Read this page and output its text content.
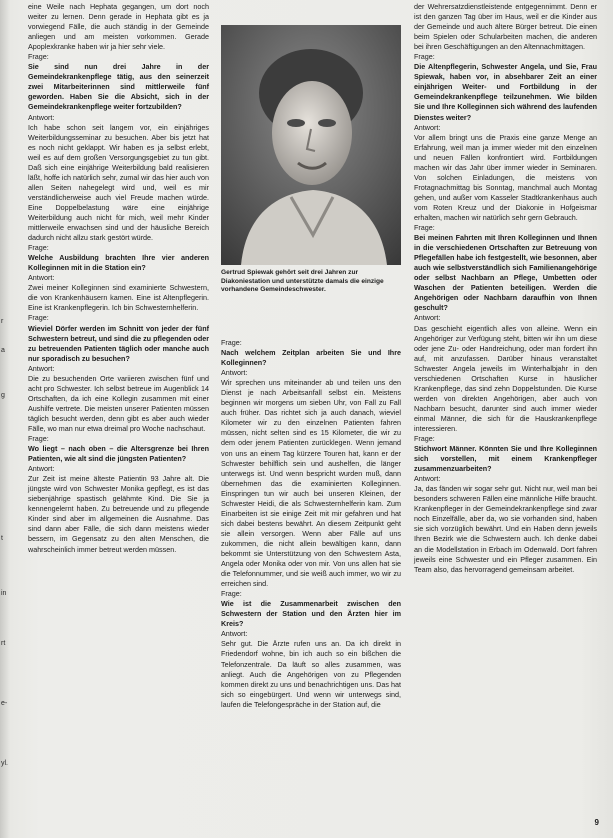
r
a
g
t
in
rt
e-
yl.

eine Weile nach Hephata gegangen, um dort noch weiter zu lernen. Denn gerade in Hephata gibt es ja vorwiegend Fälle, die auch ständig in der Gemeinde anliegen und am meisten vorkommen. Gerade Apoplexkranke haben wir ja hier sehr viele.

Frage:

Sie sind nun drei Jahre in der Gemeindekrankenpflege tätig, aus den seinerzeit zwei Mitarbeiterinnen sind mittlerweile fünf geworden. Haben Sie die Absicht, sich in der Gemeindekrankenpflege weiter fortzubilden?

Antwort:

Ich habe schon seit langem vor, ein einjähriges Weiterbildungsseminar zu besuchen. Aber bis jetzt hat es noch nicht geklappt. Wir haben es ja selbst erlebt, weil es auf dem großen Versorgungsgebiet zu tun gibt. Daß sich eine einjährige Weiterbildung bald realisieren läßt, hoffe ich natürlich sehr, zumal wir das hier auch von allen Seiten nahegelegt wird und, weil es mir verständlicherweise auch viel Freude machen würde. Eine Doppelbelastung wäre eine einjährige Weiterbildung auch nicht für mich, weil mehr Kinder mittlerweile erwachsen sind und der häusliche Bereich dadurch nicht allzu stark gestört würde.

Frage:

Welche Ausbildung brachten Ihre vier anderen Kolleginnen mit in die Station ein?

Antwort:

Zwei meiner Kolleginnen sind examinierte Schwestern, die von Krankenhäusern kamen. Eine ist Altenpflegerin. Eine ist Krankenpflegerin. Ich bin Schwesternhelferin.

Frage:

Wieviel Dörfer werden im Schnitt von jeder der fünf Schwestern betreut, und sind die zu pflegenden oder zu betreuenden Patienten täglich oder manche auch nur sporadisch zu besuchen?

Antwort:

Die zu besuchenden Orte variieren zwischen fünf und acht pro Schwester. Ich selbst betreue im Augenblick 14 Ortschaften, da ich eine Kollegin zusammen mit einer Aushilfe vertrete. Die meisten unserer Patienten müssen täglich besucht werden, denn gibt es aber auch wieder Fälle, wo man nur etwa dreimal pro Woche nachschaut.

Frage:

Wo liegt – nach oben – die Altersgrenze bei Ihren Patienten, wie alt sind die jüngsten Patienten?

Antwort:

Zur Zeit ist meine älteste Patientin 93 Jahre alt. Die jüngste wird von Schwester Monika gepflegt, es ist das siebenjährige spastisch gelähmte Kind. Die Sie ja kennengelernt haben. Zu betreuende und zu pflegende Kinder sind aber im allgemeinen die Ausnahme. Das sind dann aber Fälle, die sich dann meistens wieder bessern, im Gegensatz zu den alten Menschen, die wahrscheinlich immer betreut werden müssen.

Gertrud Spiewak gehört seit drei Jahren zur Diakoniestation und unterstützte damals die einzige vorhandene Gemeindeschwester.

Frage:

Nach welchem Zeitplan arbeiten Sie und Ihre Kolleginnen?

Antwort:

Wir sprechen uns miteinander ab und teilen uns den Dienst je nach Arbeitsanfall selbst ein. Meistens beginnen wir morgens um sieben Uhr, von Fall zu Fall auch früher. Das richtet sich ja auch danach, wieviel Kilometer wir zu den einzelnen Patienten fahren müssen, nicht selten sind es 15 Kilometer, die wir zu dem oder jenem Patienten zurücklegen. Wenn jemand von uns an einem Tag kürzere Touren hat, kann er der Schwester behilflich sein und aushelfen, die länger unterwegs ist. Und wenn bespricht wurden muß, dann übernehmen das die examinierten Kolleginnen. Einspringen tun wir auch bei unseren Kleinen, der Schwester Heidi, die als Schwesternhelferin kam. Zum Einarbeiten ist sie einige Zeit mit mir gefahren und hat sich dabei bestens bewährt. An diesem Zeitpunkt geht sie allein versorgen. Wenn aber Fälle auf uns zukommen, die nicht allein bewältigen kann, dann bekommt sie Unterstützung von den Schwestern Asta, Angela oder Monika oder von mir. Von uns allen hat sie die Telefonnummer, und sie weiß auch immer, wo wir zu erreichen sind.

Frage:

Wie ist die Zusammenarbeit zwischen den Schwestern der Station und den Ärzten hier im Kreis?

Antwort:

Sehr gut. Die Ärzte rufen uns an. Da ich direkt in Friedendorf wohne, bin ich auch so ein bißchen die Telefonzentrale. Da läuft so alles zusammen, was anliegt. Auch die Angehörigen von zu Pflegenden kommen direkt zu uns und benachrichtigen uns. Das hat sich so eingebürgert. Und wenn wir unterwegs sind, laufen die Telefongespräche in der Station auf, die

der Wehrersatzdienstleistende entgegennimmt. Denn er ist den ganzen Tag über im Haus, weil er die Kinder aus der Gemeinde und auch ältere Bürger betreut. Die einen beim Spielen oder Schularbeiten machen, die anderen bei ihren Geschäftigungen an den Altennachmittagen.

Frage:

Die Altenpflegerin, Schwester Angela, und Sie, Frau Spiewak, haben vor, in absehbarer Zeit an einer einjährigen Weiter- und Fortbildung in der Gemeindekrankenpflege teilzunehmen. Wie bilden Sie und Ihre Kolleginnen sich während des laufenden Dienstes weiter?

Antwort:

Vor allem bringt uns die Praxis eine ganze Menge an Erfahrung, weil man ja immer wieder mit den einzelnen und neuen Fällen konfrontiert wird. Fortbildungen machen wir das Jahr über immer wieder in Seminaren. Von solchen Einladungen, die meistens von Frotagnachmittag bis Sonntag, manchmal auch Montag gehen, und außer vom Kasseler Stadtkrankenhaus auch vom Roten Kreuz und der Diakonie in Hofgeismar erhalten, machen wir natürlich sehr gern Gebrauch.

Frage:

Bei meinen Fahrten mit Ihren Kolleginnen und Ihnen in die verschiedenen Ortschaften zur Betreuung von Pflegefällen habe ich festgestellt, wie besonnen, aber auch wie selbstverständlich sich Familienangehörige oder selbst Nachbarn an Pflege, Umbetten oder Waschen der Patienten beteiligen. Werden die Angehörigen oder Nachbarn daraufhin von Ihnen geschult?

Antwort:

Das geschieht eigentlich alles von alleine. Wenn ein Angehöriger zur Verfügung steht, bitten wir ihn um diese oder jene Zu- oder Handreichung, oder man fordert ihn auf, mit anzufassen. Darüber hinaus veranstaltet Schwester Angela jeweils im Winterhalbjahr in den verschiedenen Ortschaften Kurse in häuslicher Krankenpflege, das sind zehn Doppelstunden. Die Kurse werden von direkten Angehörigen, aber auch von Nachbarn besucht, darunter sind auch immer wieder einmal Männer, die sich für die Hauskrankenpflege interessieren.

Frage:

Stichwort Männer. Könnten Sie und Ihre Kolleginnen sich vorstellen, mit einem Krankenpfleger zusammenzuarbeiten?

Antwort:

Ja, das fänden wir sogar sehr gut. Nicht nur, weil man bei besonders schweren Fällen eine männliche Hilfe braucht. Krankenpfleger in der Gemeindekrankenpflege sind zwar noch Einzelfälle, aber da, wo sie vorhanden sind, haben sie sich vorzüglich bewährt. Und ein Haben denn jeweils Ihren Bezirk wie die Schwestern auch. Ich denke dabei an die Modellstation in Erbach im Odenwald. Dort fahren jeweils eine Schwester und ein Pfleger zusammen. Ein Team also, das hervorragend gemeinsam arbeitet.

9
